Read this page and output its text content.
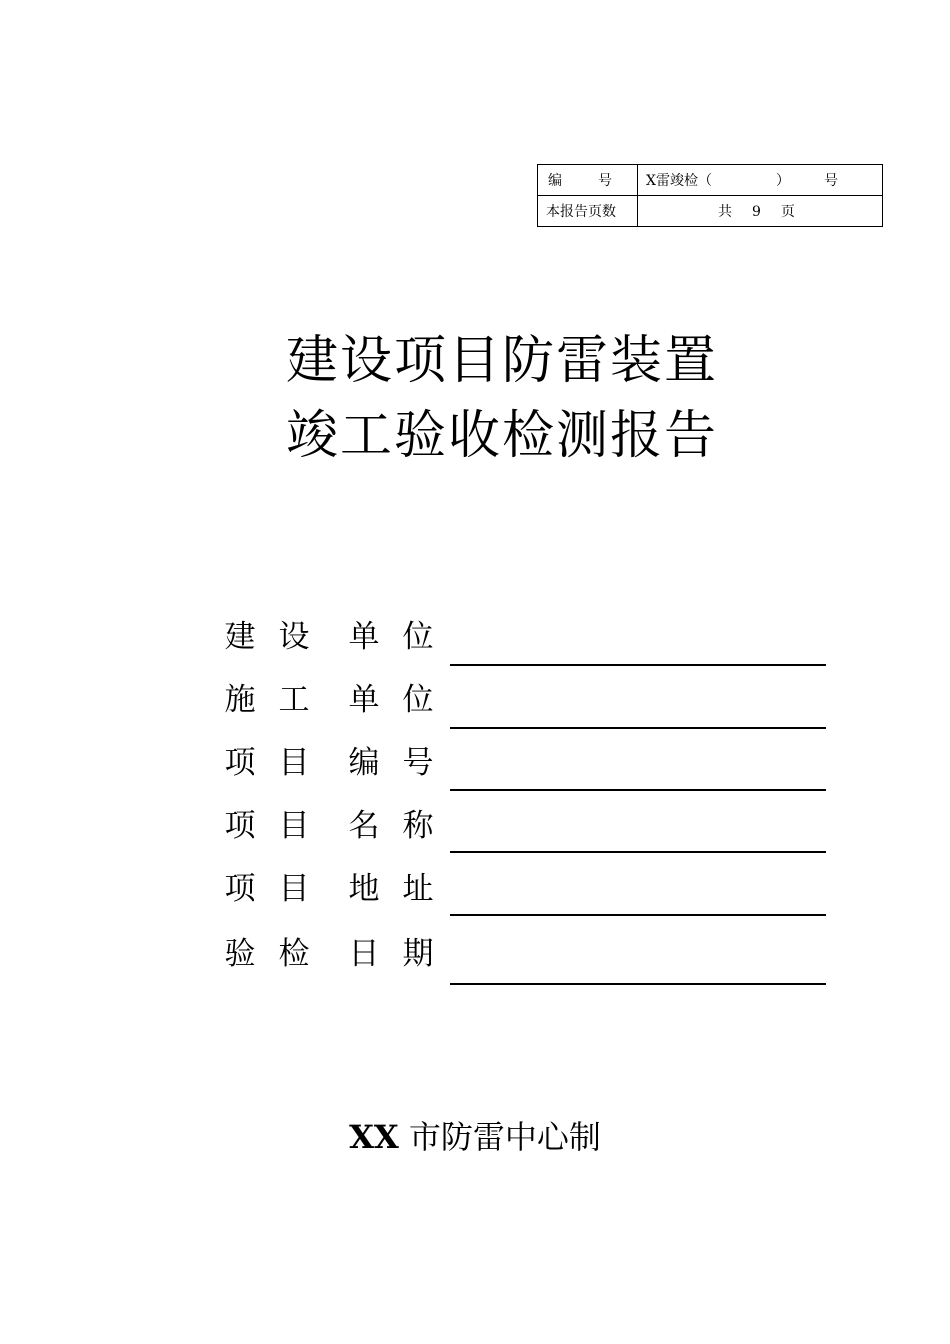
编 号	X雷竣检（ ） 号

本报告页数	共 9 页
建设项目防雷装置
竣工验收检测报告
建 设 单 位
施 工 单 位
项 目 编 号
项 目 名 称
项 目 地 址
验 检 日 期
XX 市防雷中心制
